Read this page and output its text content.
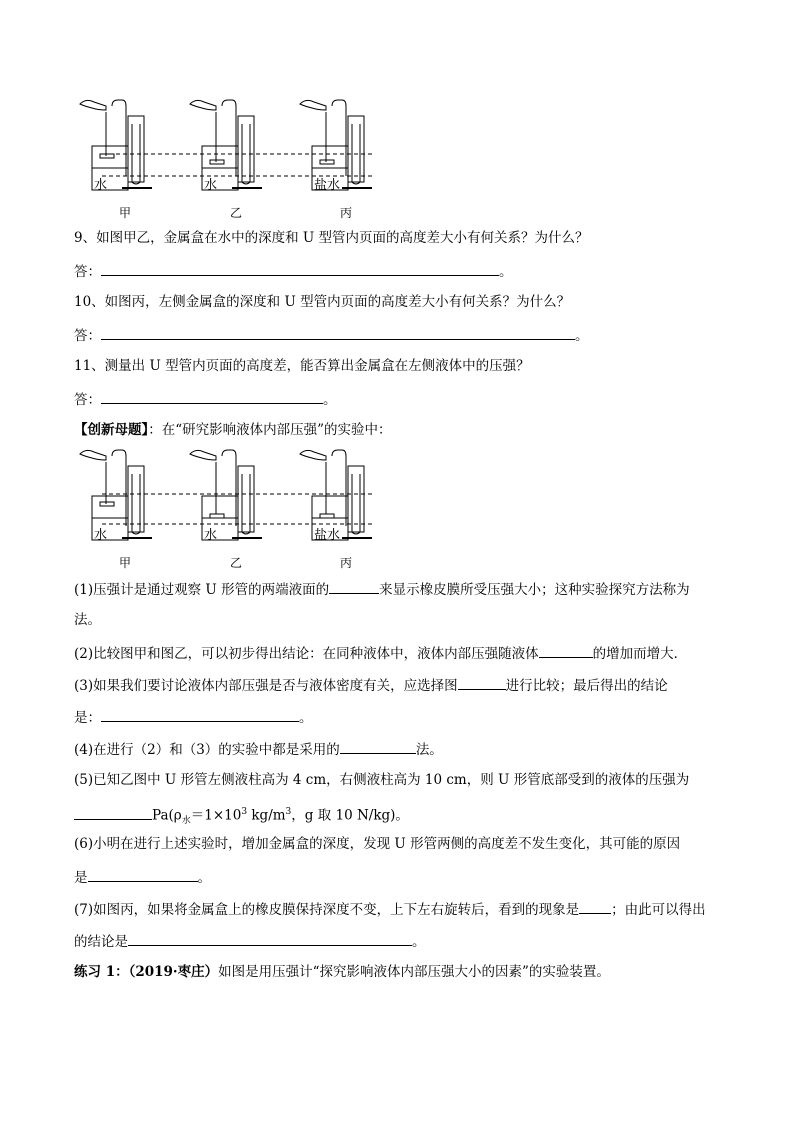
水	水	盐水
甲	乙	丙
9、如图甲乙，金属盒在水中的深度和 U 型管内页面的高度差大小有何关系？为什么？
答：	。
10、如图丙，左侧金属盒的深度和 U 型管内页面的高度差大小有何关系？为什么？
答：	。
11、测量出 U 型管内页面的高度差，能否算出金属盒在左侧液体中的压强？
答：	。
【创新母题】：在“研究影响液体内部压强”的实验中：
水	水	盐水
甲	乙	丙
(1)压强计是通过观察 U 形管的两端液面的	来显示橡皮膜所受压强大小；这种实验探究方法称为
法。
(2)比较图甲和图乙，可以初步得出结论：在同种液体中，液体内部压强随液体	的增加而增大．
(3)如果我们要讨论液体内部压强是否与液体密度有关，应选择图	进行比较；最后得出的结论
是：	。
(4)在进行（2）和（3）的实验中都是采用的	法。
(5)已知乙图中 U 形管左侧液柱高为 4 cm，右侧液柱高为 10 cm，则 U 形管底部受到的液体的压强为
$Pa(\rho_水=1\times 10^3$ $kg/m^3$，g 取 10 N/kg)。
(6)小明在进行上述实验时，增加金属盒的深度，发现 U 形管两侧的高度差不发生变化，其可能的原因
是	。
(7)如图丙，如果将金属盒上的橡皮膜保持深度不变，上下左右旋转后，看到的现象是 ；由此可以得出
的结论是	。
练习 1：（2019·枣庄）如图是用压强计“探究影响液体内部压强大小的因素”的实验装置。
